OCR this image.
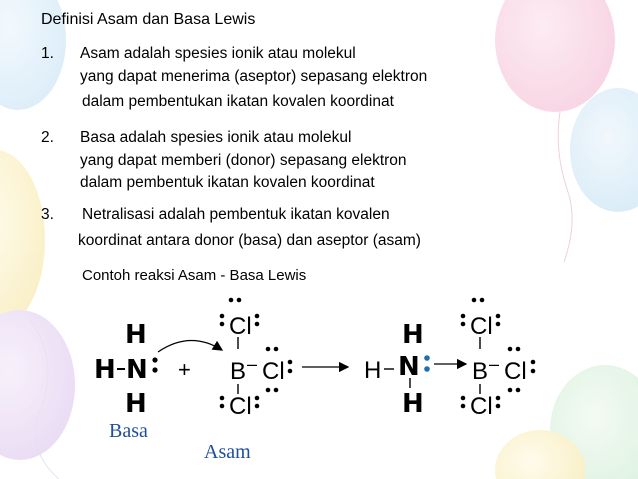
Definisi Asam dan Basa Lewis
1. Asam adalah spesies ionik atau molekul
yang dapat menerima (aseptor) sepasang elektron
dalam pembentukan ikatan kovalen koordinat
2. Basa adalah spesies ionik atau molekul
yang dapat memberi (donor) sepasang elektron
dalam pembentuk ikatan kovalen koordinat
3. Netralisasi adalah pembentuk ikatan kovalen
koordinat antara donor (basa) dan aseptor (asam)
Contoh reaksi Asam - Basa Lewis
H
H N
H
+
Cl
B – Cl
Cl
H
H N
H
Cl
B – Cl
Cl
Basa
Asam
